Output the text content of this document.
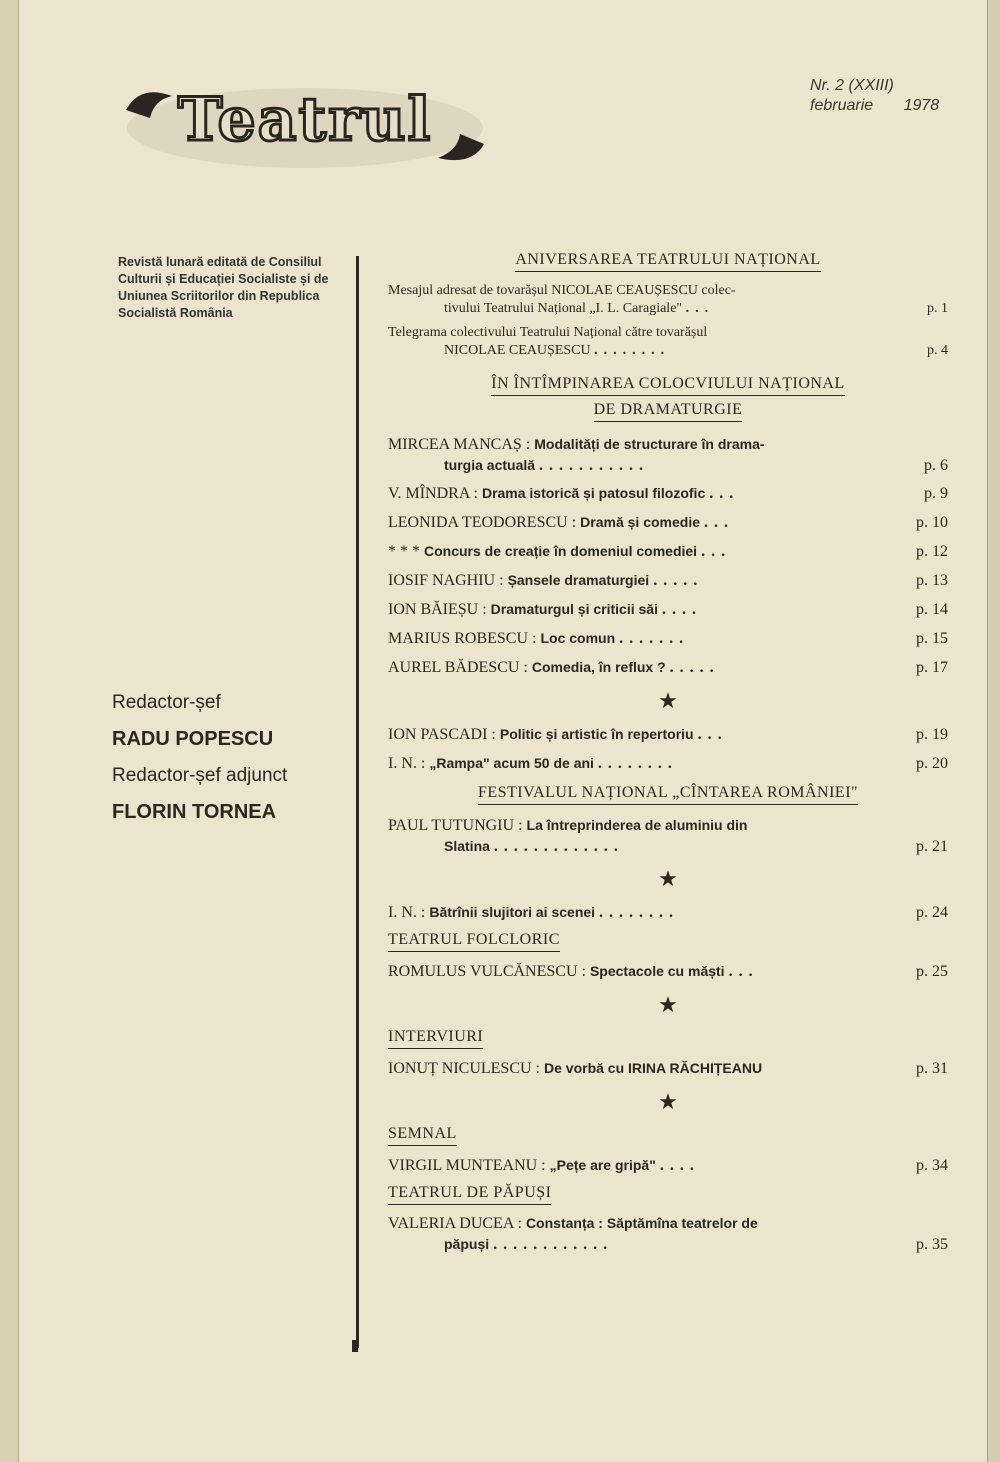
Teatrul	Nr. 2 (XXIII)
februarie 1978
Revistă lunară editată de Consiliul Culturii și Educației Socialiste și de Uniunea Scriitorilor din Republica Socialistă România
Redactor-șef
RADU POPESCU
Redactor-șef adjunct
FLORIN TORNEA
ANIVERSAREA TEATRULUI NAȚIONAL
Mesajul adresat de tovarășul NICOLAE CEAUȘESCU colec-
tivului Teatrului Național „I. L. Caragiale" ...	p. 1
Telegrama colectivului Teatrului Național către tovarășul
NICOLAE CEAUȘESCU ........	p. 4
ÎN ÎNTÎMPINAREA COLOCVIULUI NAȚIONAL
DE DRAMATURGIE
MIRCEA MANCAȘ : Modalități de structurare în drama-
turgia actuală ...........	p. 6
V. MÎNDRA : Drama istorică și patosul filozofic ...	p. 9
LEONIDA TEODORESCU : Dramă și comedie ...	p. 10
* * * Concurs de creație în domeniul comediei ...	p. 12
IOSIF NAGHIU : Șansele dramaturgiei .....	p. 13
ION BĂIEȘU : Dramaturgul și criticii săi ....	p. 14
MARIUS ROBESCU : Loc comun .......	p. 15
AUREL BĂDESCU : Comedia, în reflux ? .....	p. 17
★
ION PASCADI : Politic și artistic în repertoriu ...	p. 19
I. N. : „Rampa" acum 50 de ani ........	p. 20
FESTIVALUL NAȚIONAL „CÎNTAREA ROMÂNIEI"
PAUL TUTUNGIU : La întreprinderea de aluminiu din
Slatina .............	p. 21
★
I. N. : Bătrînii slujitori ai scenei ........	p. 24
TEATRUL FOLCLORIC
ROMULUS VULCĂNESCU : Spectacole cu măști ...	p. 25
★
INTERVIURI
IONUȚ NICULESCU : De vorbă cu IRINA RĂCHIȚEANU	p. 31
★
SEMNAL
VIRGIL MUNTEANU : „Pețe are gripă" ....	p. 34
TEATRUL DE PĂPUȘI
VALERIA DUCEA : Constanța : Săptămîna teatrelor de
păpuși ............	p. 35
